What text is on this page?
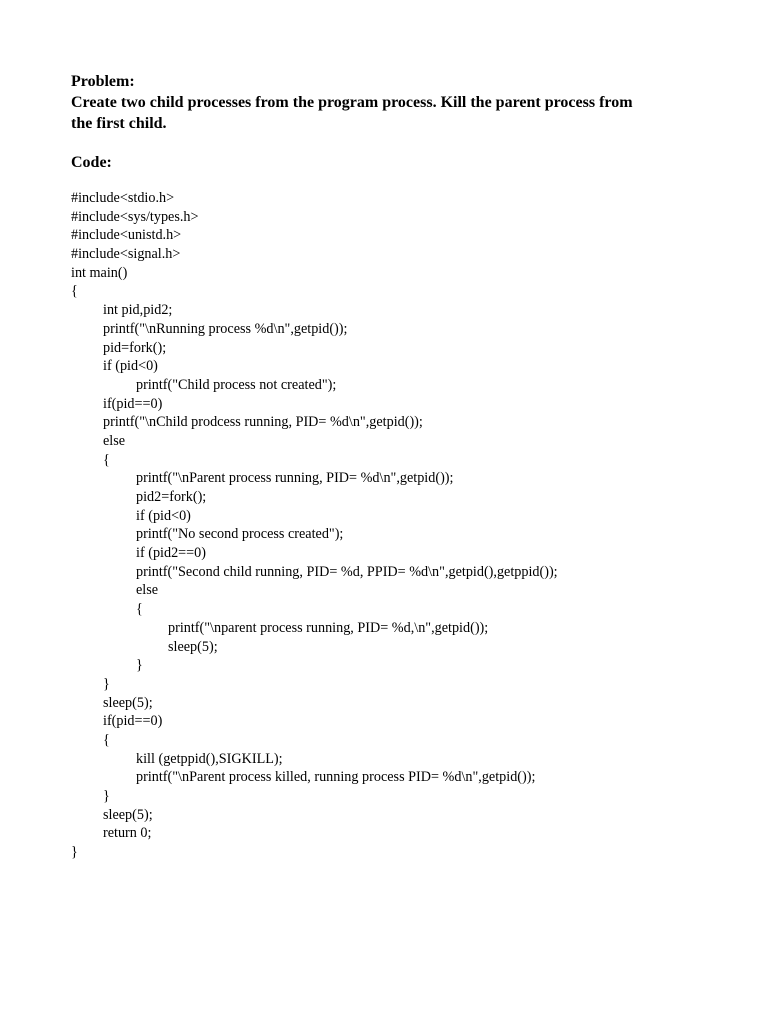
Problem:
Create two child processes from the program process. Kill the parent process from
the first child.
Code:
#include<stdio.h>
#include<sys/types.h>
#include<unistd.h>
#include<signal.h>
int main()
{
int pid,pid2;
printf("\nRunning process %d\n",getpid());
pid=fork();
if (pid<0)
printf("Child process not created");
if(pid==0)
printf("\nChild prodcess running, PID= %d\n",getpid());
else
{
printf("\nParent process running, PID= %d\n",getpid());
pid2=fork();
if (pid<0)
printf("No second process created");
if (pid2==0)
printf("Second child running, PID= %d, PPID= %d\n",getpid(),getppid());
else
{
printf("\nparent process running, PID= %d,\n",getpid());
sleep(5);
}
}
sleep(5);
if(pid==0)
{
kill (getppid(),SIGKILL);
printf("\nParent process killed, running process PID= %d\n",getpid());
}
sleep(5);
return 0;
}
